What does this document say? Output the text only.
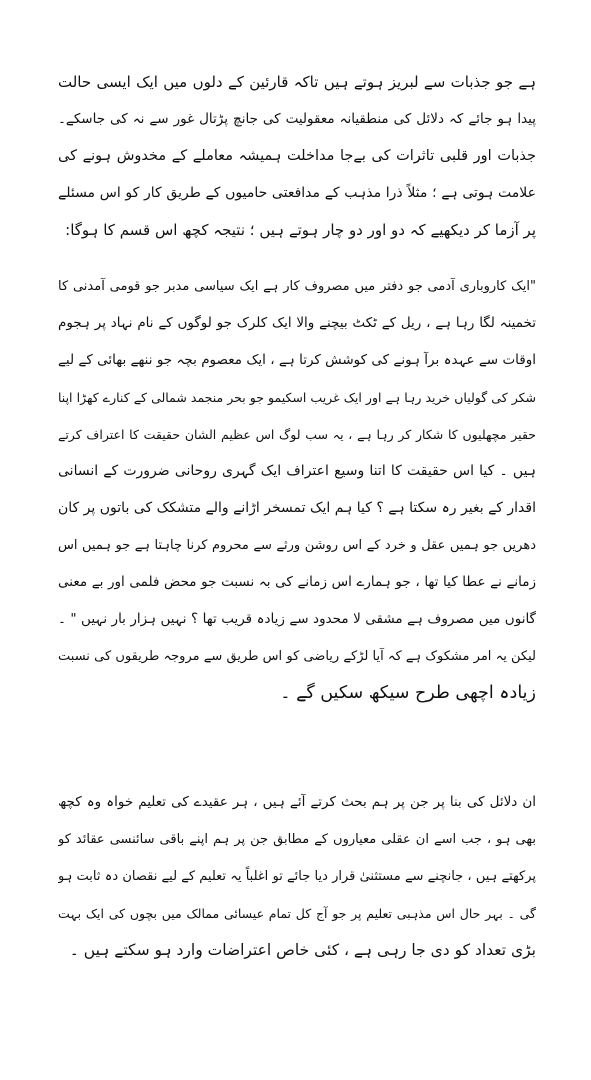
ہے جو جذبات سے لبریز ہوتے ہیں تاکہ قارئین کے دلوں میں ایک ایسی حالت
پیدا ہو جائے کہ دلائل کی منطقیانہ معقولیت کی جانچ پڑتال غور سے نہ کی جاسکے۔
جذبات اور قلبی تاثرات کی بےجا مداخلت ہمیشہ معاملے کے مخدوش ہونے کی
علامت ہوتی ہے ؛ مثلاً ذرا مذہب کے مدافعتی حامیوں کے طریق کار کو اس مسئلے
پر آزما کر دیکھیے کہ دو اور دو چار ہوتے ہیں ؛ نتیجہ کچھ اس قسم کا ہوگا:
"ایک کاروباری آدمی جو دفتر میں مصروف کار ہے ایک سیاسی مدبر جو قومی آمدنی کا
تخمینہ لگا رہا ہے ، ریل کے ٹکٹ بیچنے والا ایک کلرک جو لوگوں کے نام نہاد پر ہجوم
اوقات سے عہدہ برآ ہونے کی کوشش کرتا ہے ، ایک معصوم بچہ جو ننھے بھائی کے لیے
شکر کی گولیاں خرید رہا ہے اور ایک غریب اسکیمو جو بحر منجمد شمالی کے کنارے کھڑا اپنا
حقیر مچھلیوں کا شکار کر رہا ہے ، یہ سب لوگ اس عظیم الشان حقیقت کا اعتراف کرتے
ہیں ۔ کیا اس حقیقت کا اتنا وسیع اعتراف ایک گہری روحانی ضرورت کے انسانی
اقدار کے بغیر رہ سکتا ہے ؟ کیا ہم ایک تمسخر اڑانے والے متشکک کی باتوں پر کان
دھریں جو ہمیں عقل و خرد کے اس روشن ورثے سے محروم کرنا چاہتا ہے جو ہمیں اس
زمانے نے عطا کیا تھا ، جو ہمارے اس زمانے کی بہ نسبت جو محض فلمی اور بے معنی
گانوں میں مصروف ہے مشقی لا محدود سے زیادہ قریب تھا ؟ نہیں ہزار بار نہیں " ۔
لیکن یہ امر مشکوک ہے کہ آیا لڑکے ریاضی کو اس طریق سے مروجہ طریقوں کی نسبت
زیادہ اچھی طرح سیکھ سکیں گے ۔
ان دلائل کی بنا پر جن پر ہم بحث کرتے آئے ہیں ، ہر عقیدے کی تعلیم خواہ وہ کچھ
بھی ہو ، جب اسے ان عقلی معیاروں کے مطابق جن پر ہم اپنے باقی سائنسی عقائد کو
پرکھتے ہیں ، جانچنے سے مستثنیٰ قرار دیا جائے تو اغلباً یہ تعلیم کے لیے نقصان دہ ثابت ہو
گی ۔ بہر حال اس مذہبی تعلیم پر جو آج کل تمام عیسائی ممالک میں بچوں کی ایک بہت
بڑی تعداد کو دی جا رہی ہے ، کئی خاص اعتراضات وارد ہو سکتے ہیں ۔
